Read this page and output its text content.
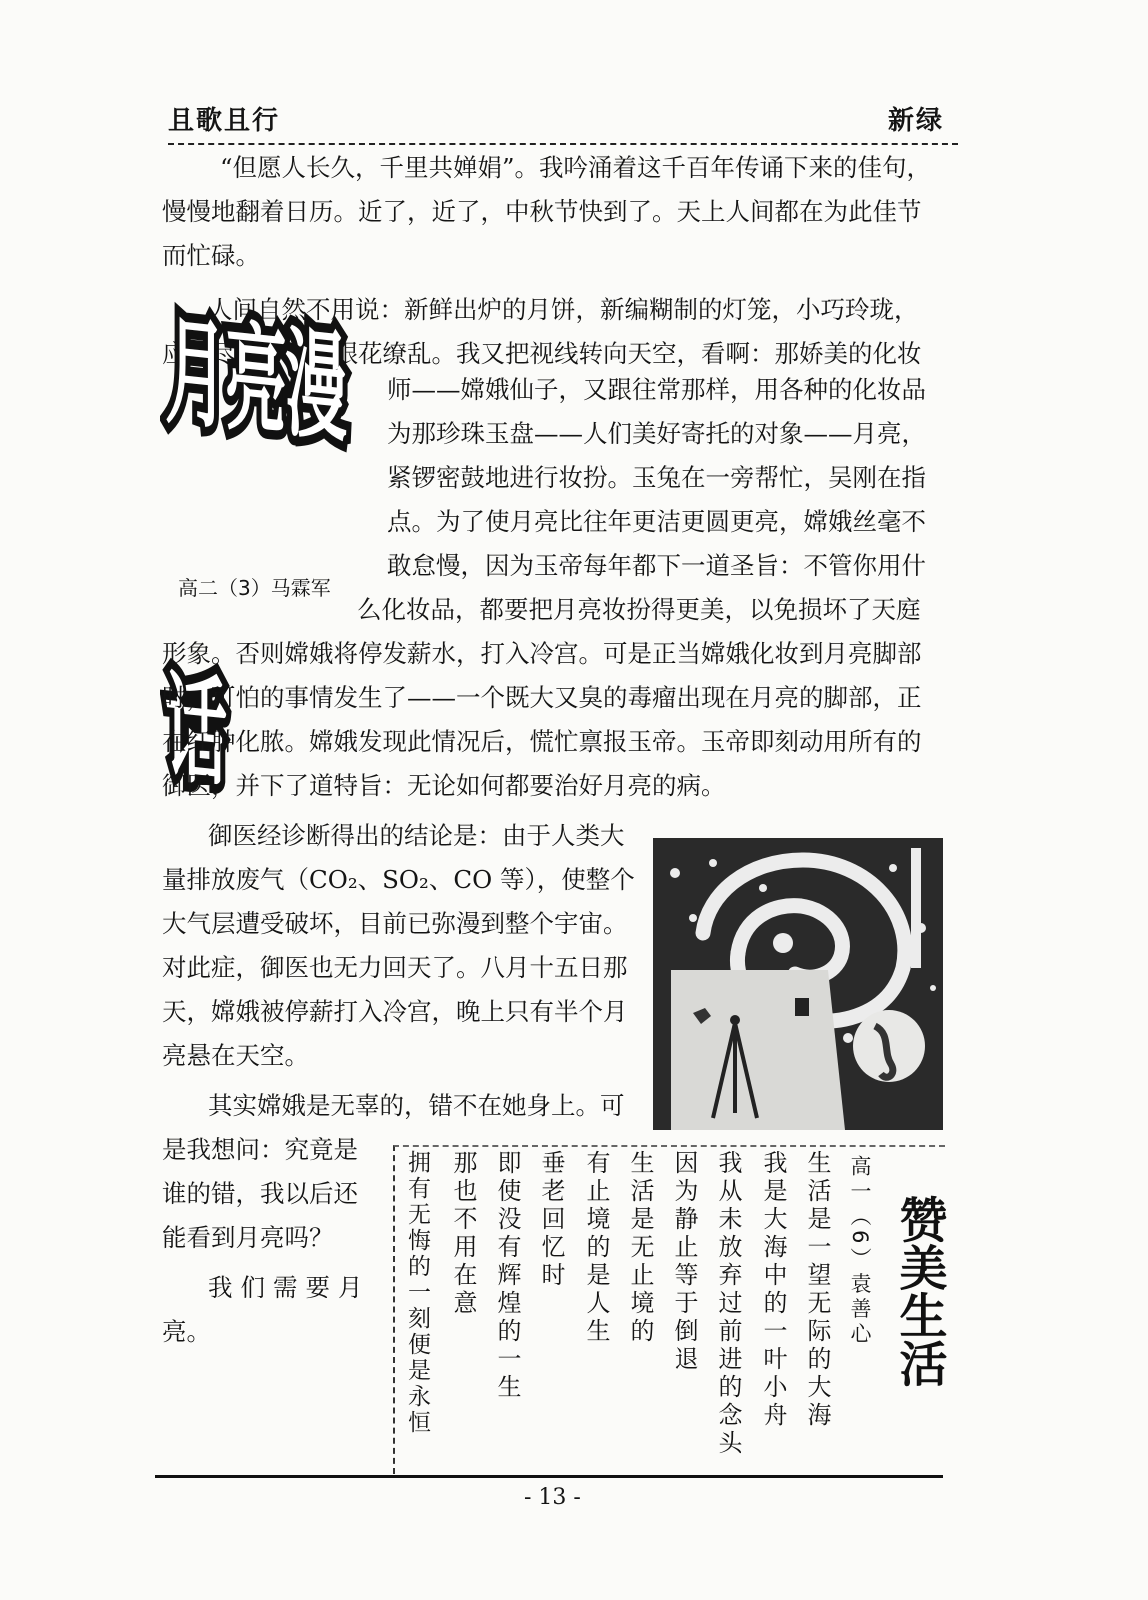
且歌且行	新绿
“但愿人长久，千里共婵娟”。我吟涌着这千百年传诵下来的佳句，
慢慢地翻着日历。近了，近了，中秋节快到了。天上人间都在为此佳节
而忙碌。
人间自然不用说：新鲜出炉的月饼，新编糊制的灯笼，小巧玲珑，
应有尽有，令人眼花缭乱。我又把视线转向天空，看啊：那娇美的化妆
月亮漫话
师——嫦娥仙子，又跟往常那样，用各种的化妆品
为那珍珠玉盘——人们美好寄托的对象——月亮，
紧锣密鼓地进行妆扮。玉兔在一旁帮忙，吴刚在指
点。为了使月亮比往年更洁更圆更亮，嫦娥丝毫不
敢怠慢，因为玉帝每年都下一道圣旨：不管你用什
高二（3）马霖军
么化妆品，都要把月亮妆扮得更美，以免损坏了天庭
形象。否则嫦娥将停发薪水，打入冷宫。可是正当嫦娥化妆到月亮脚部
时，可怕的事情发生了——一个既大又臭的毒瘤出现在月亮的脚部，正
在红肿化脓。嫦娥发现此情况后，慌忙禀报玉帝。玉帝即刻动用所有的
御医，并下了道特旨：无论如何都要治好月亮的病。
御医经诊断得出的结论是：由于人类大
量排放废气（CO₂、SO₂、CO 等），使整个
大气层遭受破坏，目前已弥漫到整个宇宙。
对此症，御医也无力回天了。八月十五日那
天，嫦娥被停薪打入冷宫，晚上只有半个月
亮悬在天空。
其实嫦娥是无辜的，错不在她身上。可
是我想问：究竟是
谁的错，我以后还
能看到月亮吗？
我们需要月
亮。	赞美生活
高一（6）袁善心
生活是一望无际的大海
我是大海中的一叶小舟
我从未放弃过前进的念头
因为静止等于倒退
生活是无止境的
有止境的是人生
垂老回忆时
即使没有辉煌的一生
那也不用在意
拥有无悔的一刻便是永恒
- 13 -
